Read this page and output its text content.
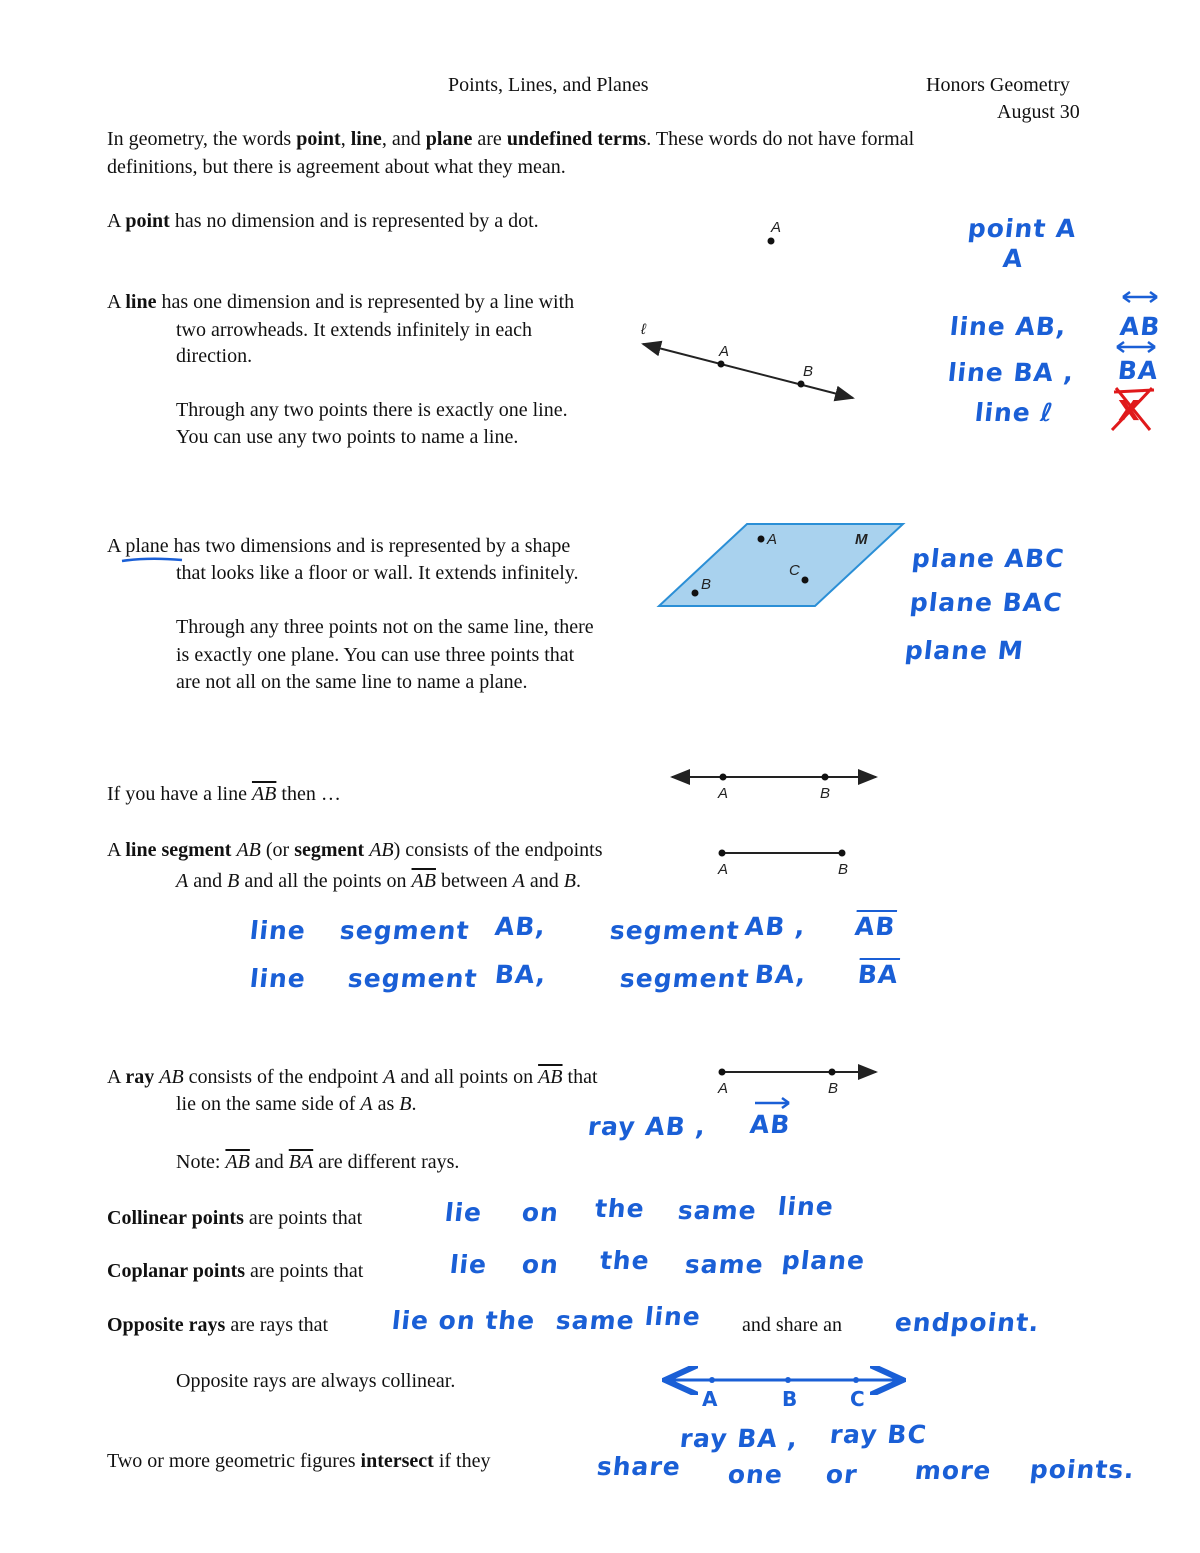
Points, Lines, and Planes	Honors Geometry
August 30
In geometry, the words point, line, and plane are undefined terms. These words do not have formal
definitions, but there is agreement about what they mean.
A point has no dimension and is represented by a dot.	A	point A
A
A line has one dimension and is represented by a line with
two arrowheads. It extends infinitely in each
direction.
Through any two points there is exactly one line.
You can use any two points to name a line.
ℓ
A
B
line AB, AB
line BA , BA
line ℓ X
A plane has two dimensions and is represented by a shape
that looks like a floor or wall. It extends infinitely.
Through any three points not on the same line, there
is exactly one plane. You can use three points that
are not all on the same line to name a plane.
A	M
C
B
plane ABC
plane BAC
plane M
If you have a line $\overline{AB}$ then …	A	B
A line segment AB (or segment AB) consists of the endpoints
A and B and all the points on $\overline{AB}$ between A and B.
A	B
line segment AB, segment AB , $\overline{AB}$
line segment BA,	segment BA, $\overline{BA}$
A ray AB consists of the endpoint A and all points on $\overline{AB}$ that
lie on the same side of A as B.
Note: $\overline{AB}$ and $\overline{BA}$ are different rays.
A	B
ray AB , AB
Collinear points are points that	lie on the same line
Coplanar points are points that	lie on the same plane
Opposite rays are rays that lie on the same line and share an endpoint.
Opposite rays are always collinear.
A	B	C
ray BA , ray BC
Two or more geometric figures intersect if they	share one or more points.
